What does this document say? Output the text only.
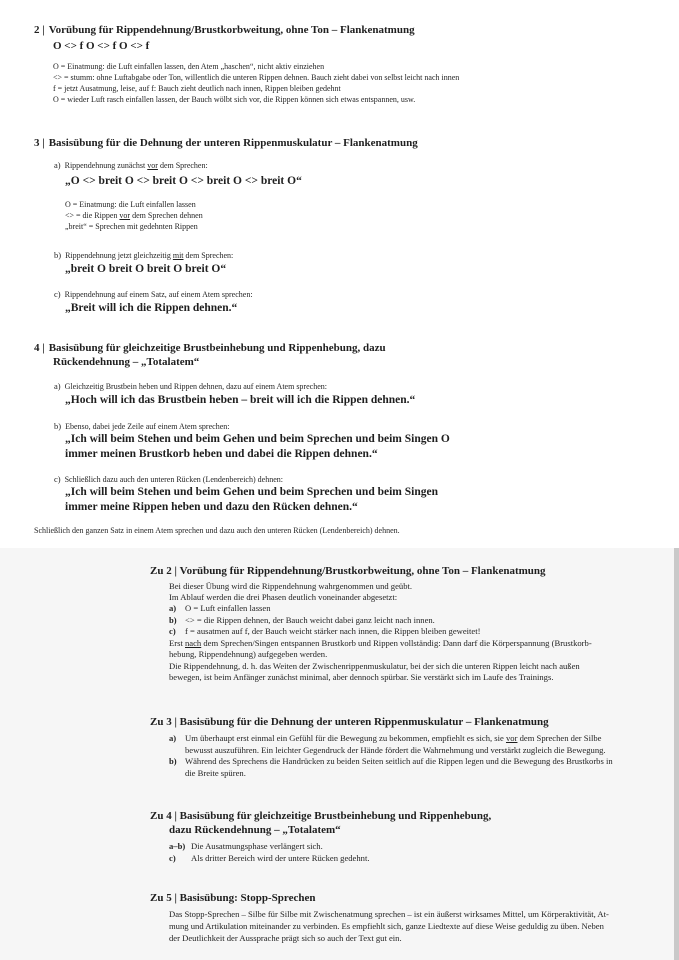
2 | Vorübung für Rippendehnung/Brustkorbweitung, ohne Ton – Flankenatmung
O <> f O <> f O <> f
O = Einatmung: die Luft einfallen lassen, den Atem „haschen“, nicht aktiv einziehen
<> = stumm: ohne Luftabgabe oder Ton, willentlich die unteren Rippen dehnen. Bauch zieht dabei von selbst leicht nach innen
f = jetzt Ausatmung, leise, auf f: Bauch zieht deutlich nach innen, Rippen bleiben gedehnt
O = wieder Luft rasch einfallen lassen, der Bauch wölbt sich vor, die Rippen können sich etwas entspannen, usw.
3 | Basisübung für die Dehnung der unteren Rippenmuskulatur – Flankenatmung
a) Rippendehnung zunächst vor dem Sprechen:
„O <> breit O <> breit O <> breit O <> breit O“
O = Einatmung: die Luft einfallen lassen
<> = die Rippen vor dem Sprechen dehnen
„breit“ = Sprechen mit gedehnten Rippen
b) Rippendehnung jetzt gleichzeitig mit dem Sprechen:
„breit O breit O breit O breit O“
c) Rippendehnung auf einem Satz, auf einem Atem sprechen:
„Breit will ich die Rippen dehnen.“
4 | Basisübung für gleichzeitige Brustbeinhebung und Rippenhebung, dazu
Rückendehnung – „Totalatem“
a) Gleichzeitig Brustbein heben und Rippen dehnen, dazu auf einem Atem sprechen:
„Hoch will ich das Brustbein heben – breit will ich die Rippen dehnen.“
b) Ebenso, dabei jede Zeile auf einem Atem sprechen:
„Ich will beim Stehen und beim Gehen und beim Sprechen und beim Singen O
immer meinen Brustkorb heben und dabei die Rippen dehnen.“
c) Schließlich dazu auch den unteren Rücken (Lendenbereich) dehnen:
„Ich will beim Stehen und beim Gehen und beim Sprechen und beim Singen
immer meine Rippen heben und dazu den Rücken dehnen.“
Schließlich den ganzen Satz in einem Atem sprechen und dazu auch den unteren Rücken (Lendenbereich) dehnen.
Zu 2 | Vorübung für Rippendehnung/Brustkorbweitung, ohne Ton – Flankenatmung
Bei dieser Übung wird die Rippendehnung wahrgenommen und geübt.
Im Ablauf werden die drei Phasen deutlich voneinander abgesetzt:
a) O = Luft einfallen lassen
b) <> = die Rippen dehnen, der Bauch weicht dabei ganz leicht nach innen.
c) f = ausatmen auf f, der Bauch weicht stärker nach innen, die Rippen bleiben geweitet!
Erst nach dem Sprechen/Singen entspannen Brustkorb und Rippen vollständig: Dann darf die Körperspannung (Brustkorb-
hebung, Rippendehnung) aufgegeben werden.
Die Rippendehnung, d. h. das Weiten der Zwischenrippenmuskulatur, bei der sich die unteren Rippen leicht nach außen
bewegen, ist beim Anfänger zunächst minimal, aber dennoch spürbar. Sie verstärkt sich im Laufe des Trainings.
Zu 3 | Basisübung für die Dehnung der unteren Rippenmuskulatur – Flankenatmung
a) Um überhaupt erst einmal ein Gefühl für die Bewegung zu bekommen, empfiehlt es sich, sie vor dem Sprechen der Silbe
bewusst auszuführen. Ein leichter Gegendruck der Hände fördert die Wahrnehmung und verstärkt zugleich die Bewegung.
b) Während des Sprechens die Handrücken zu beiden Seiten seitlich auf die Rippen legen und die Bewegung des Brustkorbs in
die Breite spüren.
Zu 4 | Basisübung für gleichzeitige Brustbeinhebung und Rippenhebung,
dazu Rückendehnung – „Totalatem“
a–b) Die Ausatmungsphase verlängert sich.
c) Als dritter Bereich wird der untere Rücken gedehnt.
Zu 5 | Basisübung: Stopp-Sprechen
Das Stopp-Sprechen – Silbe für Silbe mit Zwischenatmung sprechen – ist ein äußerst wirksames Mittel, um Körperaktivität, At-
mung und Artikulation miteinander zu verbinden. Es empfiehlt sich, ganze Liedtexte auf diese Weise geduldig zu üben. Neben
der Deutlichkeit der Aussprache prägt sich so auch der Text gut ein.
